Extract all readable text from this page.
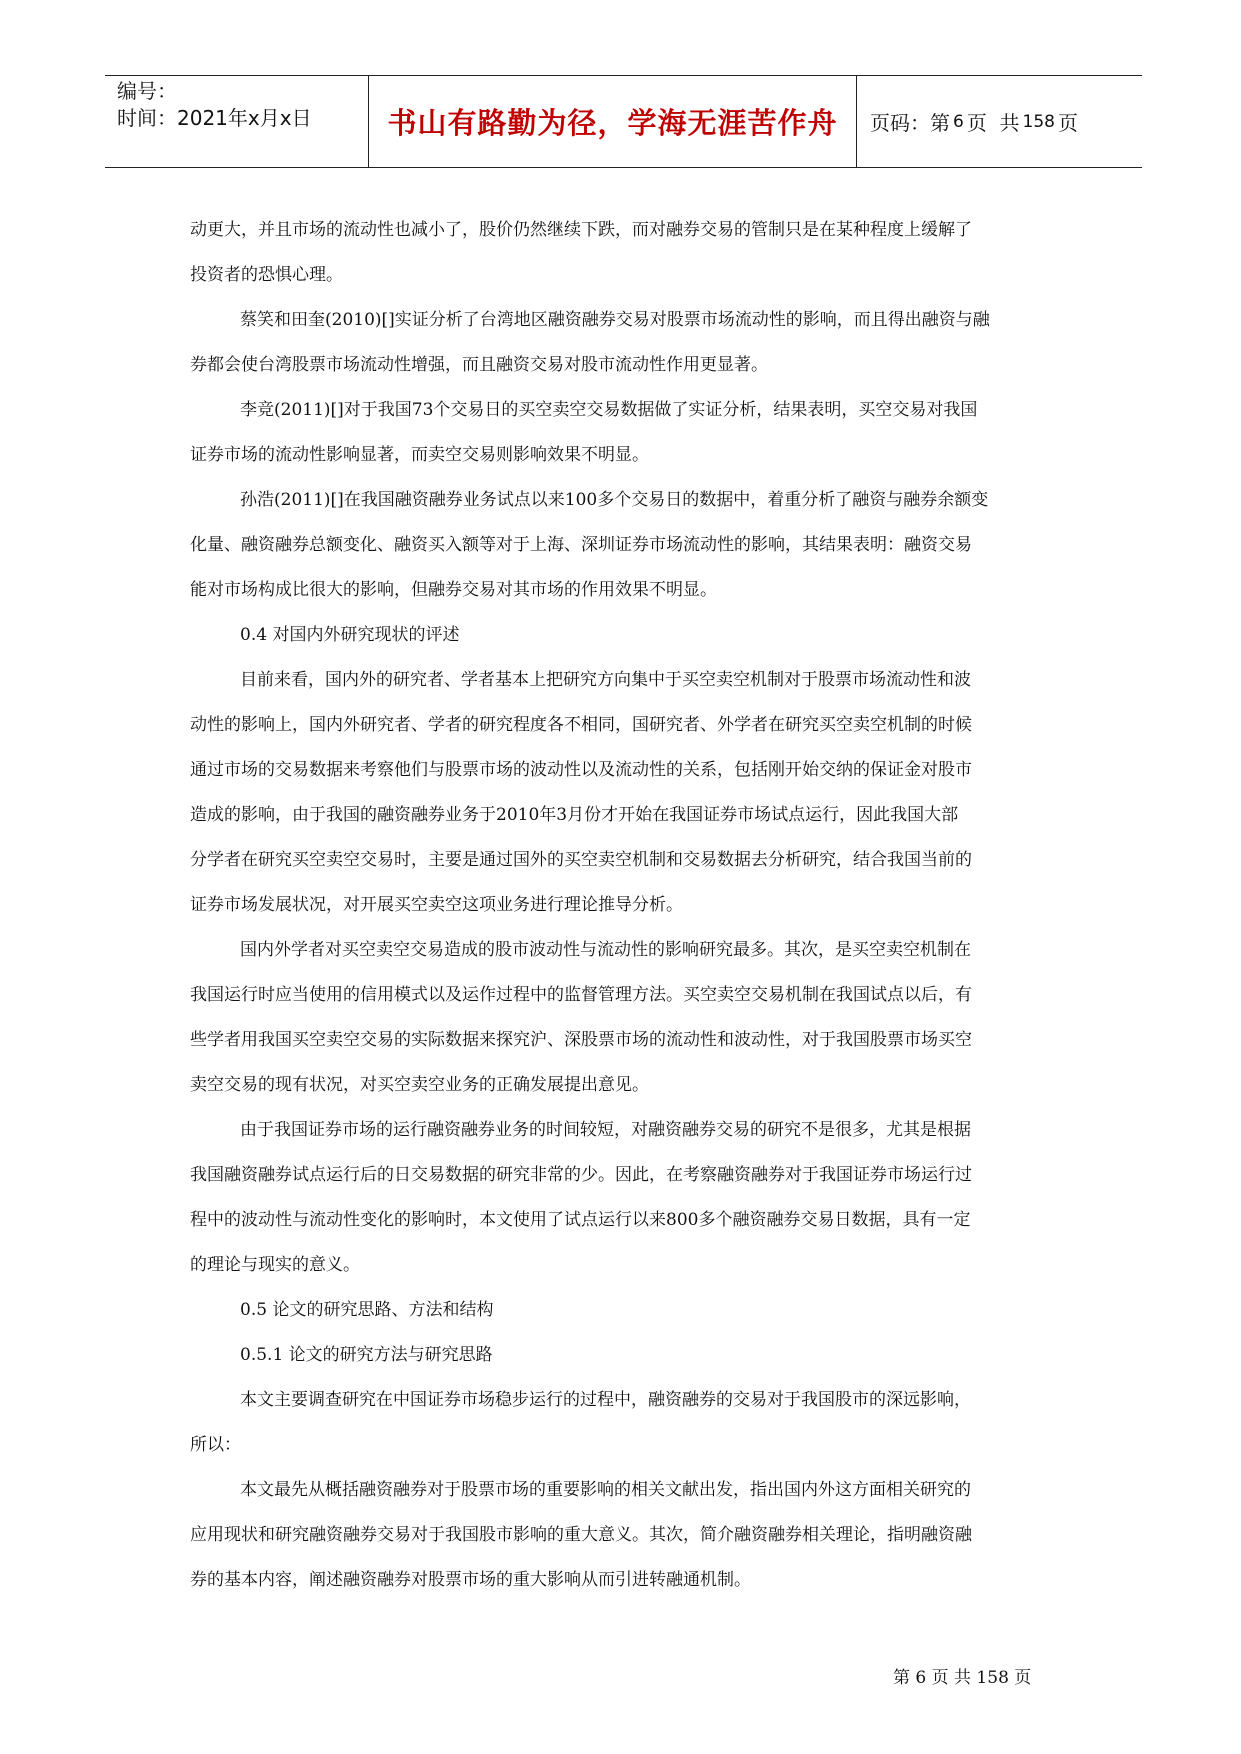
编号：
时间：2021年x月x日	书山有路勤为径，学海无涯苦作舟	页码：第 6 页  共 158 页

动更大，并且市场的流动性也减小了，股价仍然继续下跌，而对融券交易的管制只是在某种程度上缓解了

投资者的恐惧心理。

蔡笑和田奎(2010)[]实证分析了台湾地区融资融券交易对股票市场流动性的影响，而且得出融资与融

券都会使台湾股票市场流动性增强，而且融资交易对股市流动性作用更显著。

李竞(2011)[]对于我国73个交易日的买空卖空交易数据做了实证分析，结果表明，买空交易对我国

证券市场的流动性影响显著，而卖空交易则影响效果不明显。

孙浩(2011)[]在我国融资融券业务试点以来100多个交易日的数据中，着重分析了融资与融券余额变

化量、融资融券总额变化、融资买入额等对于上海、深圳证券市场流动性的影响，其结果表明：融资交易

能对市场构成比很大的影响，但融券交易对其市场的作用效果不明显。

0.4 对国内外研究现状的评述

目前来看，国内外的研究者、学者基本上把研究方向集中于买空卖空机制对于股票市场流动性和波

动性的影响上，国内外研究者、学者的研究程度各不相同，国研究者、外学者在研究买空卖空机制的时候

通过市场的交易数据来考察他们与股票市场的波动性以及流动性的关系，包括刚开始交纳的保证金对股市

造成的影响，由于我国的融资融券业务于2010年3月份才开始在我国证券市场试点运行，因此我国大部

分学者在研究买空卖空交易时，主要是通过国外的买空卖空机制和交易数据去分析研究，结合我国当前的

证券市场发展状况，对开展买空卖空这项业务进行理论推导分析。

国内外学者对买空卖空交易造成的股市波动性与流动性的影响研究最多。其次，是买空卖空机制在

我国运行时应当使用的信用模式以及运作过程中的监督管理方法。买空卖空交易机制在我国试点以后，有

些学者用我国买空卖空交易的实际数据来探究沪、深股票市场的流动性和波动性，对于我国股票市场买空

卖空交易的现有状况，对买空卖空业务的正确发展提出意见。

由于我国证券市场的运行融资融券业务的时间较短，对融资融券交易的研究不是很多，尤其是根据

我国融资融券试点运行后的日交易数据的研究非常的少。因此，在考察融资融券对于我国证券市场运行过

程中的波动性与流动性变化的影响时，本文使用了试点运行以来800多个融资融券交易日数据，具有一定

的理论与现实的意义。

0.5 论文的研究思路、方法和结构

0.5.1 论文的研究方法与研究思路

本文主要调查研究在中国证券市场稳步运行的过程中，融资融券的交易对于我国股市的深远影响，

所以：

本文最先从概括融资融券对于股票市场的重要影响的相关文献出发，指出国内外这方面相关研究的

应用现状和研究融资融券交易对于我国股市影响的重大意义。其次，简介融资融券相关理论，指明融资融

券的基本内容，阐述融资融券对股票市场的重大影响从而引进转融通机制。

第 6 页 共 158 页
